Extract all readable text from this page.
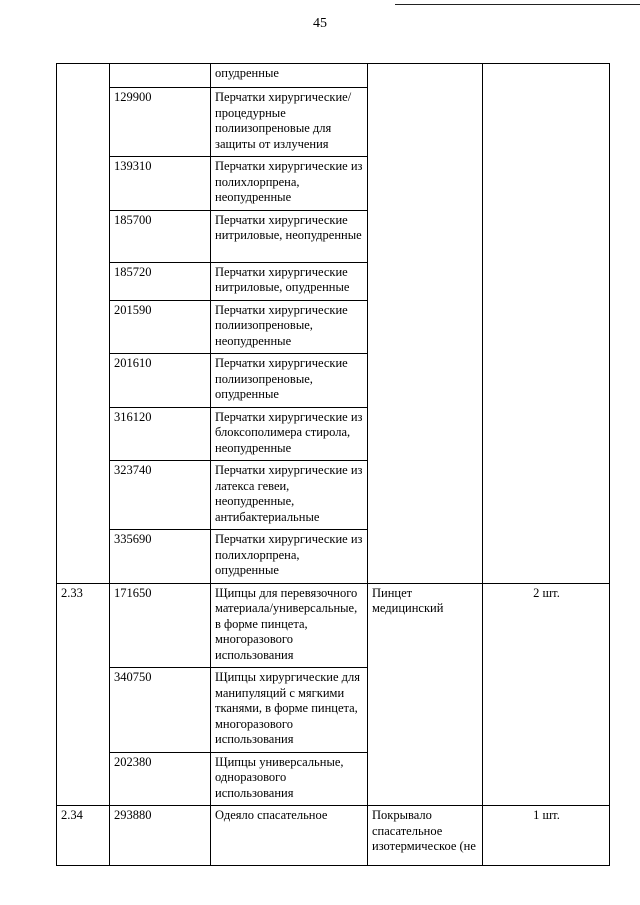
45
		опудренные		
	129900	Перчатки хирургические/процедурные полиизопреновые для защиты от излучения		
	139310	Перчатки хирургические из полихлорпрена, неопудренные		
	185700	Перчатки хирургические нитриловые, неопудренные		
	185720	Перчатки хирургические нитриловые, опудренные		
	201590	Перчатки хирургические полиизопреновые, неопудренные		
	201610	Перчатки хирургические полиизопреновые, опудренные		
	316120	Перчатки хирургические из блоксополимера стирола, неопудренные		
	323740	Перчатки хирургические из латекса гевеи, неопудренные, антибактериальные		
	335690	Перчатки хирургические из полихлорпрена, опудренные		
2.33	171650	Щипцы для перевязочного материала/универсальные, в форме пинцета, многоразового использования	Пинцет медицинский	2 шт.
	340750	Щипцы хирургические для манипуляций с мягкими тканями, в форме пинцета, многоразового использования		
	202380	Щипцы универсальные, одноразового использования		
2.34	293880	Одеяло спасательное	Покрывало спасательное изотермическое (не	1 шт.
